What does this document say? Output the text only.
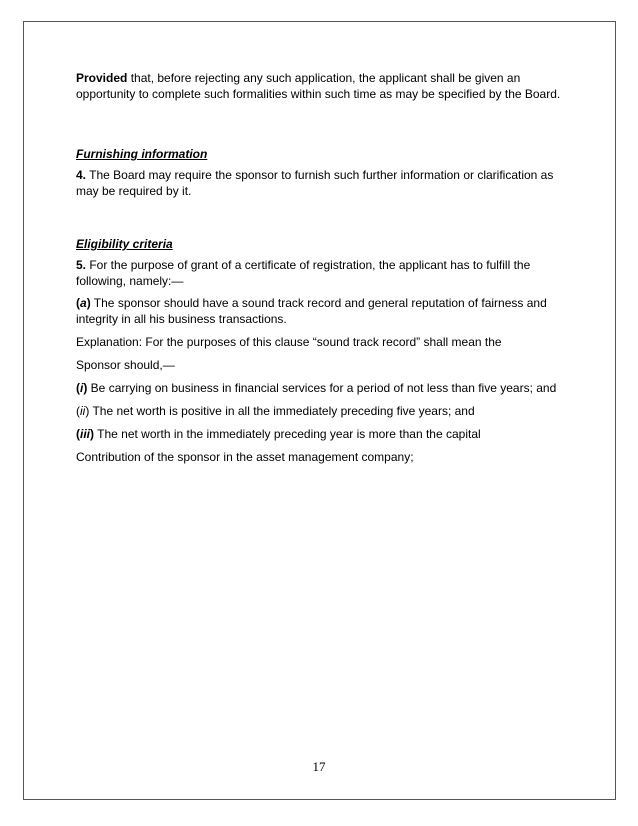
Provided that, before rejecting any such application, the applicant shall be given an opportunity to complete such formalities within such time as may be specified by the Board.

Furnishing information

4. The Board may require the sponsor to furnish such further information or clarification as may be required by it.

Eligibility criteria

5. For the purpose of grant of a certificate of registration, the applicant has to fulfill the following, namely:—

(a) The sponsor should have a sound track record and general reputation of fairness and integrity in all his business transactions.

Explanation: For the purposes of this clause “sound track record” shall mean the

Sponsor should,—

(i) Be carrying on business in financial services for a period of not less than five years; and

(ii) The net worth is positive in all the immediately preceding five years; and

(iii) The net worth in the immediately preceding year is more than the capital

Contribution of the sponsor in the asset management company;

17
